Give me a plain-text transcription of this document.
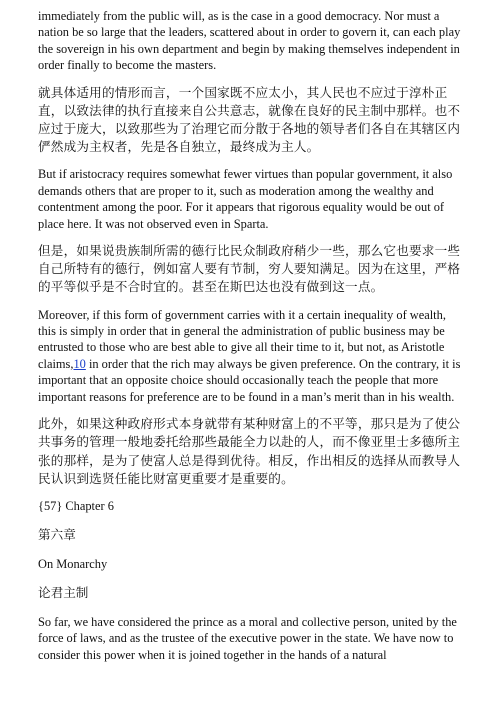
immediately from the public will, as is the case in a good democracy. Nor must a nation be so large that the leaders, scattered about in order to govern it, can each play the sovereign in his own department and begin by making themselves independent in order finally to become the masters.

就具体适用的情形而言，一个国家既不应太小，其人民也不应过于淳朴正直，以致法律的执行直接来自公共意志，就像在良好的民主制中那样。也不应过于庞大，以致那些为了治理它而分散于各地的领导者们各自在其辖区内俨然成为主权者，先是各自独立，最终成为主人。

But if aristocracy requires somewhat fewer virtues than popular government, it also demands others that are proper to it, such as moderation among the wealthy and contentment among the poor. For it appears that rigorous equality would be out of place here. It was not observed even in Sparta.

但是，如果说贵族制所需的德行比民众制政府稍少一些，那么它也要求一些自己所特有的德行，例如富人要有节制，穷人要知满足。因为在这里，严格的平等似乎是不合时宜的。甚至在斯巴达也没有做到这一点。

Moreover, if this form of government carries with it a certain inequality of wealth, this is simply in order that in general the administration of public business may be entrusted to those who are best able to give all their time to it, but not, as Aristotle claims,10 in order that the rich may always be given preference. On the contrary, it is important that an opposite choice should occasionally teach the people that more important reasons for preference are to be found in a man’s merit than in his wealth.

此外，如果这种政府形式本身就带有某种财富上的不平等，那只是为了使公共事务的管理一般地委托给那些最能全力以赴的人，而不像亚里士多德所主张的那样，是为了使富人总是得到优待。相反，作出相反的选择从而教导人民认识到选贤任能比财富更重要才是重要的。

{57} Chapter 6

第六章

On Monarchy

论君主制

So far, we have considered the prince as a moral and collective person, united by the force of laws, and as the trustee of the executive power in the state. We have now to consider this power when it is joined together in the hands of a natural
